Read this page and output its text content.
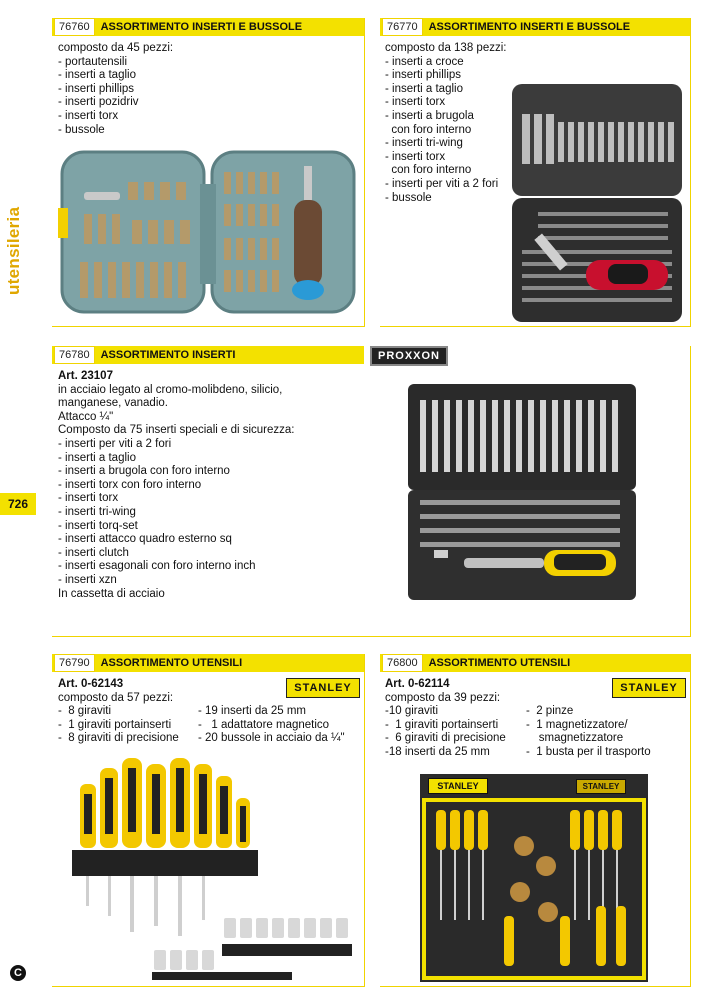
utensileria
726
C
76760	ASSORTIMENTO INSERTI E BUSSOLE
composto da 45 pezzi:
- portautensili
- inserti a taglio
- inserti phillips
- inserti pozidriv
- inserti torx
- bussole
76770	ASSORTIMENTO INSERTI E BUSSOLE
composto da 138 pezzi:
- inserti a croce
- inserti phillips
- inserti a taglio
- inserti torx
- inserti a brugola
con foro interno
- inserti tri-wing
- inserti torx
con foro interno
- inserti per viti a 2 fori
- bussole
76780	ASSORTIMENTO INSERTI	PROXXON
Art. 23107
in acciaio legato al cromo-molibdeno, silicio,
manganese, vanadio.
Attacco ¼"
Composto da 75 inserti speciali e di sicurezza:
- inserti per viti a 2 fori
- inserti a taglio
- inserti a brugola con foro interno
- inserti torx con foro interno
- inserti torx
- inserti tri-wing
- inserti torq-set
- inserti attacco quadro esterno sq
- inserti clutch
- inserti esagonali con foro interno inch
- inserti xzn
In cassetta di acciaio
76790	ASSORTIMENTO UTENSILI
STANLEY
Art. 0-62143
composto da 57 pezzi:
-  8 giraviti
-  1 giraviti portainserti
-  8 giraviti di precisione
- 19 inserti da 25 mm
-   1 adattatore magnetico
- 20 bussole in acciaio da ¼"
76800	ASSORTIMENTO UTENSILI
STANLEY
Art. 0-62114
composto da 39 pezzi:
-10 giraviti
-  1 giraviti portainserti
-  6 giraviti di precisione
-18 inserti da 25 mm
-  2 pinze
-  1 magnetizzatore/
smagnetizzatore
-  1 busta per il trasporto
STANLEY	STANLEY
